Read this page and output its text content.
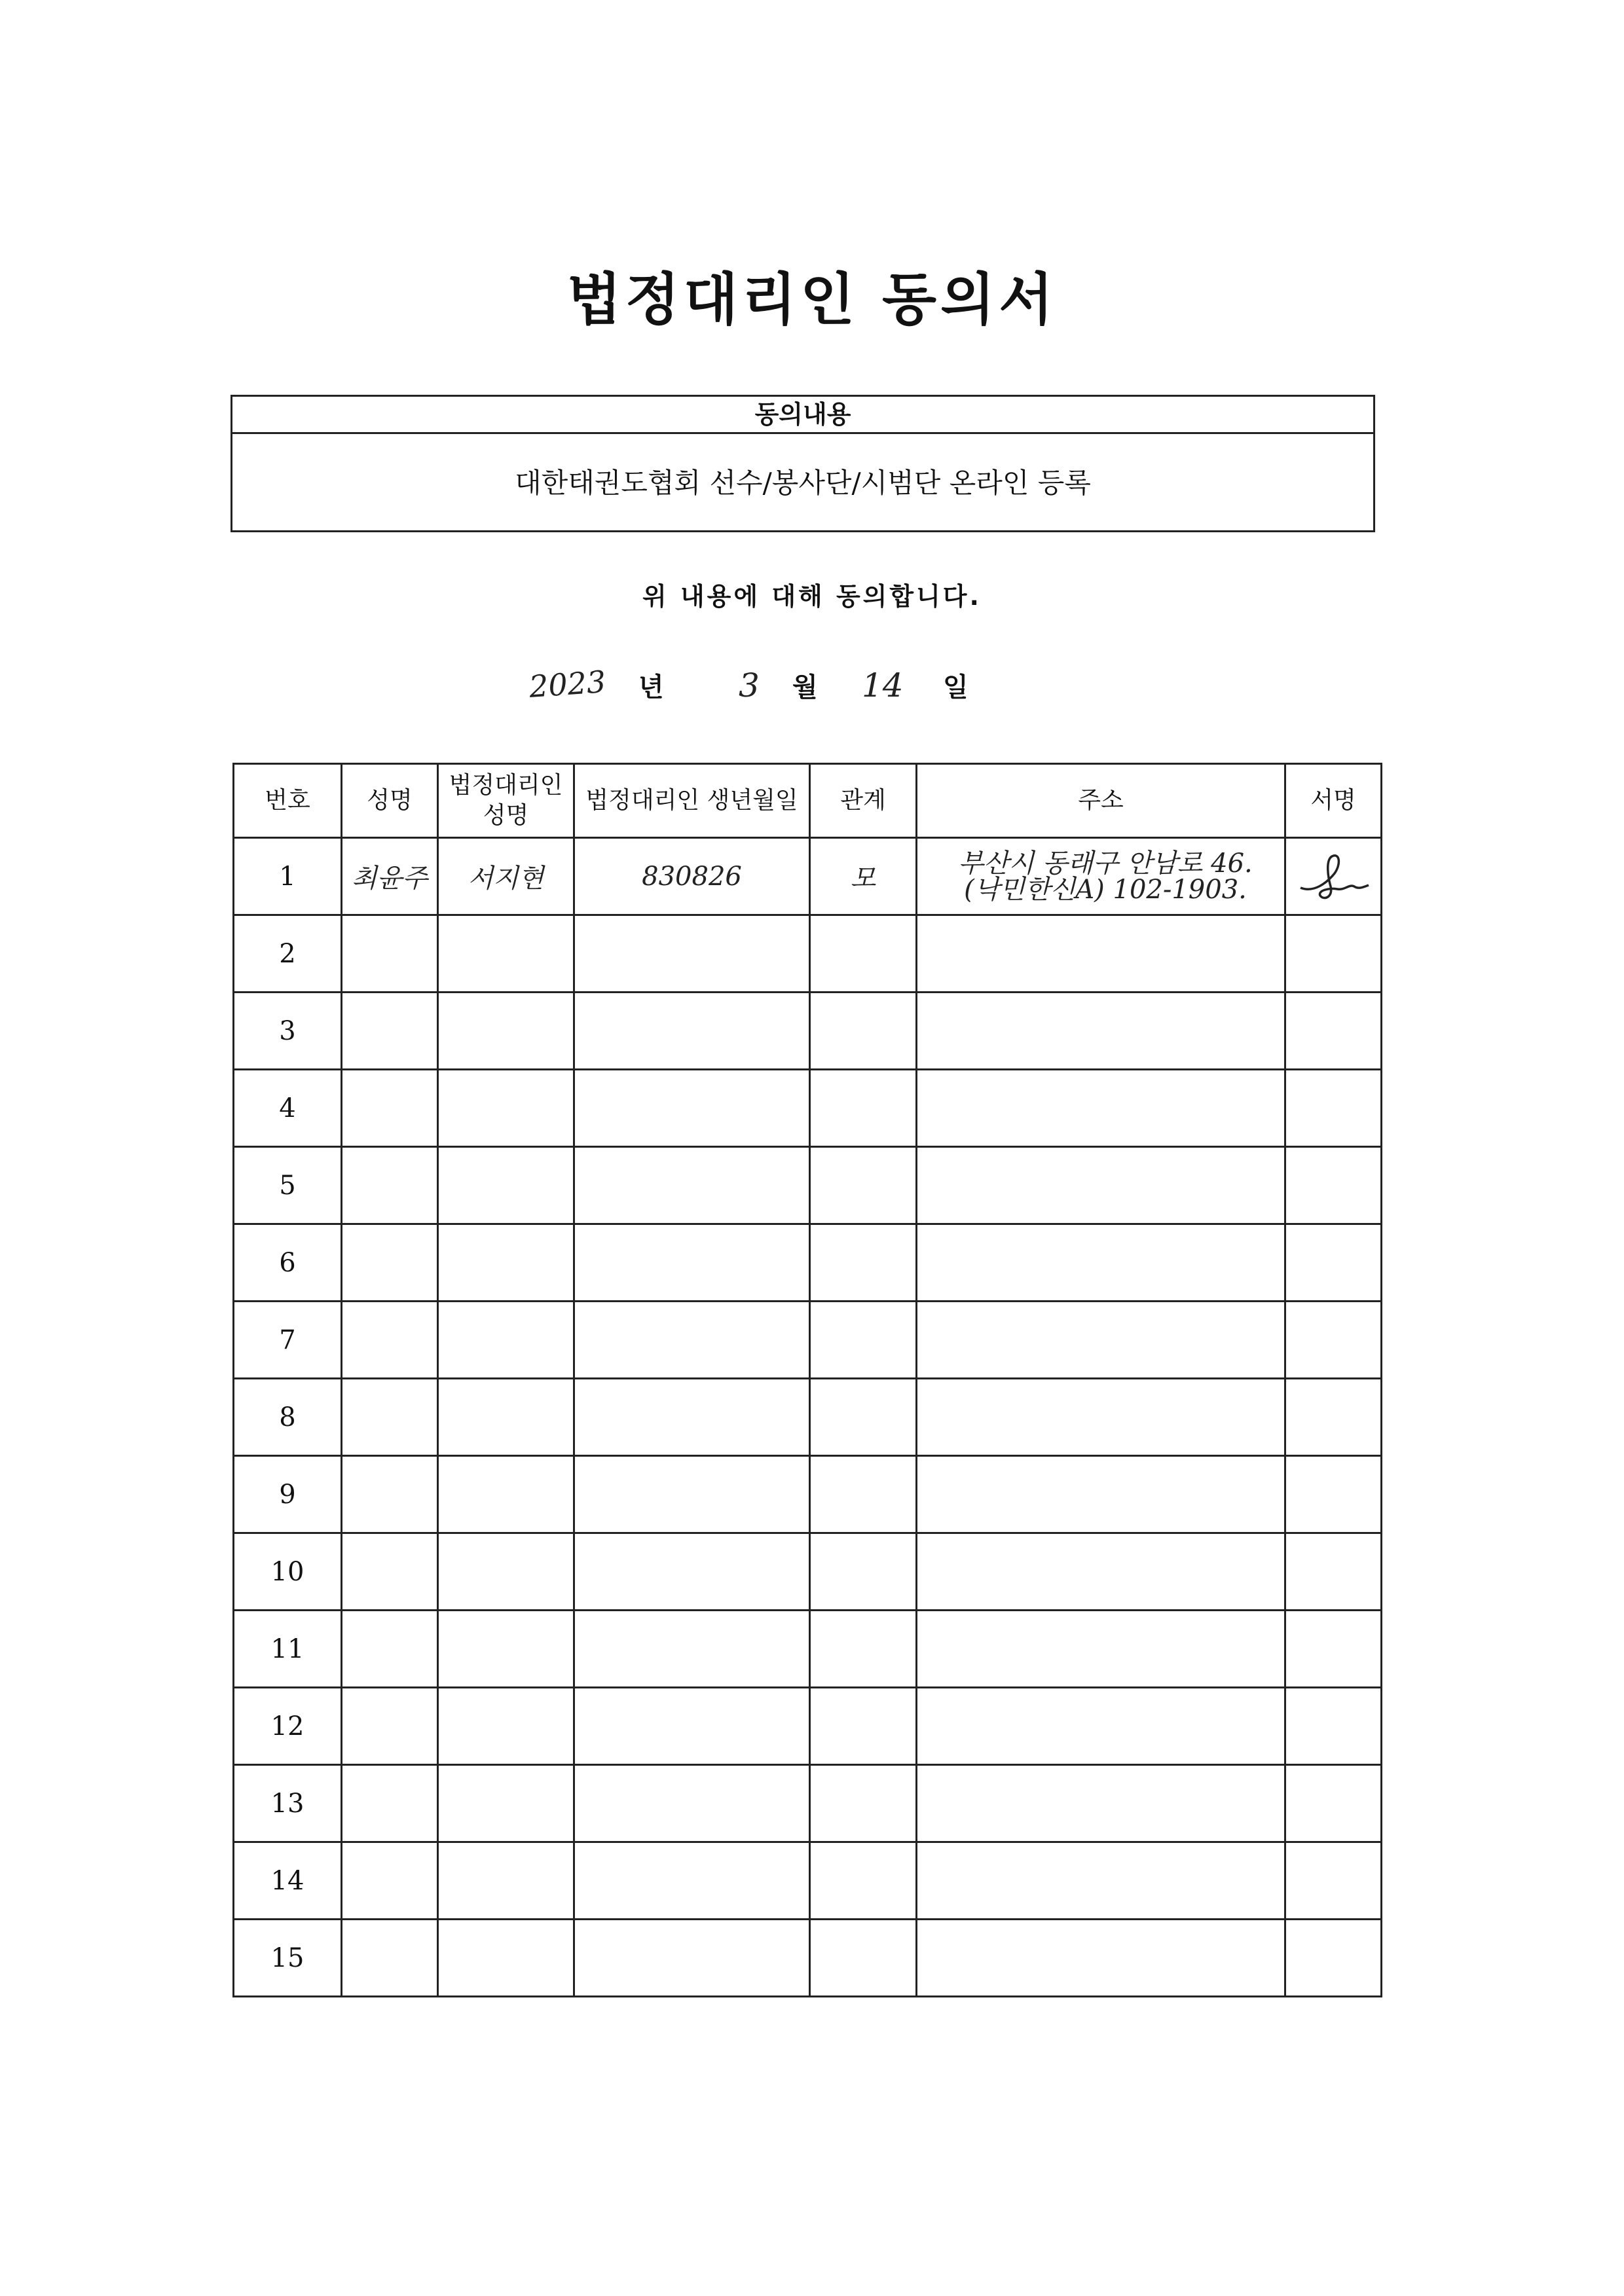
법정대리인 동의서
동의내용
대한태권도협회 선수/봉사단/시범단 온라인 등록
위 내용에 대해 동의합니다.
2023 년 3 월 14 일
번호	성명	법정대리인 성명	법정대리인 생년월일	관계	주소	서명
1	최윤주	서지현	830826	모	부산시 동래구 안남로 46.
(낙민한신A) 102-1903.

2						
3						
4						
5						
6						
7						
8						
9						
10						
11						
12						
13						
14						
15						
